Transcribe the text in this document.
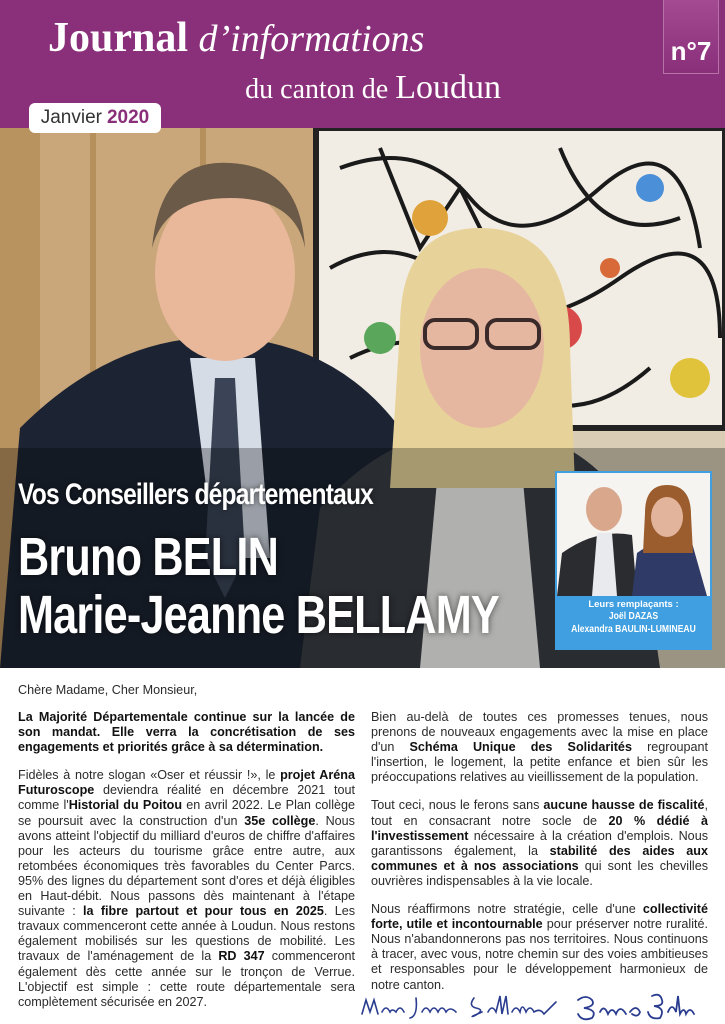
Journal d’informations
du canton de Loudun
n°7
Janvier 2020
Vos Conseillers départementaux
Bruno BELIN
Marie-Jeanne BELLAMY	Leurs remplaçants :
Joël DAZAS
Alexandra BAULIN-LUMINEAU
Chère Madame, Cher Monsieur,

La Majorité Départementale continue sur la lancée de son mandat. Elle verra la concrétisation de ses engagements et priorités grâce à sa détermination.

Fidèles à notre slogan «Oser et réussir !», le projet Aréna Futuroscope deviendra réalité en décembre 2021 tout comme l'Historial du Poitou en avril 2022. Le Plan collège se poursuit avec la construction d'un 35e collège. Nous avons atteint l'objectif du milliard d'euros de chiffre d'affaires pour les acteurs du tourisme grâce entre autre, aux retombées économiques très favorables du Center Parcs. 95% des lignes du département sont d'ores et déjà éligibles en Haut-débit. Nous passons dès maintenant à l'étape suivante : la fibre partout et pour tous en 2025. Les travaux commenceront cette année à Loudun. Nous restons également mobilisés sur les questions de mobilité. Les travaux de l'aménagement de la RD 347 commenceront également dès cette année sur le tronçon de Verrue. L'objectif est simple : cette route départementale sera complètement sécurisée en 2027.

Bien au-delà de toutes ces promesses tenues, nous prenons de nouveaux engagements avec la mise en place d'un Schéma Unique des Solidarités regroupant l'insertion, le logement, la petite enfance et bien sûr les préoccupations relatives au vieillissement de la population.

Tout ceci, nous le ferons sans aucune hausse de fiscalité, tout en consacrant notre socle de 20 % dédié à l'investissement nécessaire à la création d'emplois. Nous garantissons également, la stabilité des aides aux communes et à nos associations qui sont les chevilles ouvrières indispensables à la vie locale.

Nous réaffirmons notre stratégie, celle d'une collectivité forte, utile et incontournable pour préserver notre ruralité. Nous n'abandonnerons pas nos territoires. Nous continuons à tracer, avec vous, notre chemin sur des voies ambitieuses et responsables pour le développement harmonieux de notre canton.
